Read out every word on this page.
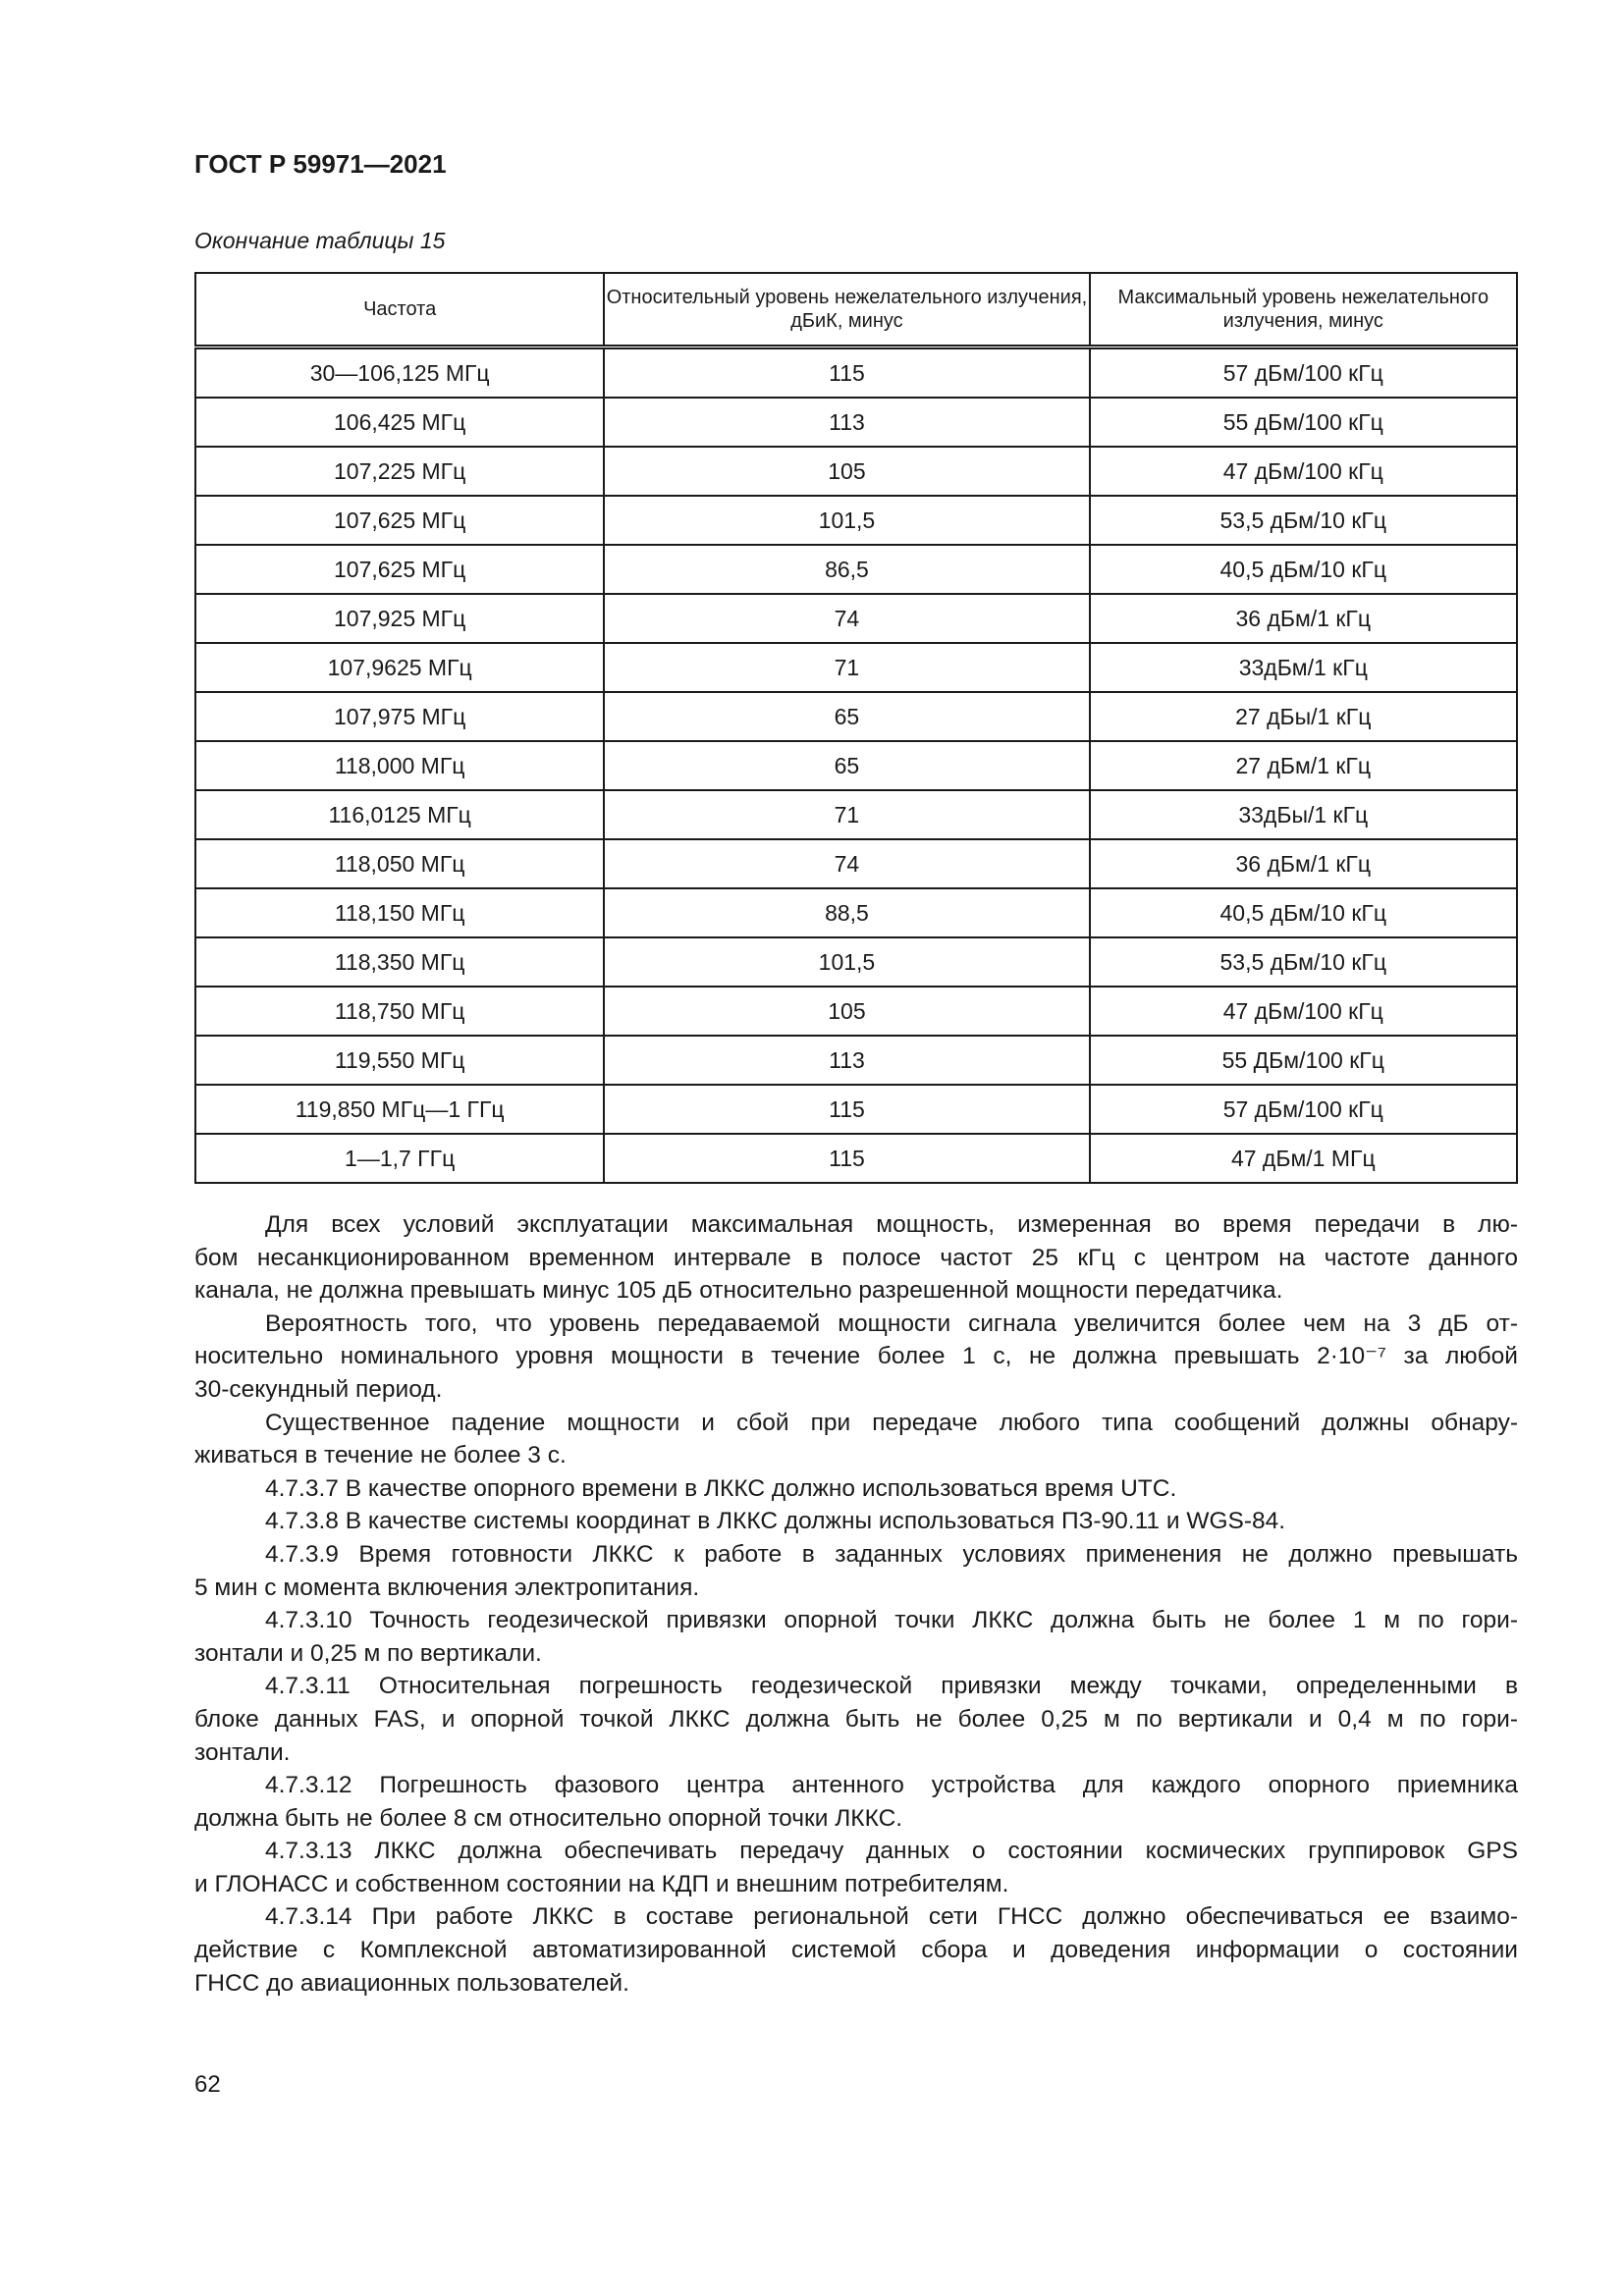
ГОСТ Р 59971—2021
Окончание таблицы 15
Частота	Относительный уровень нежелательного излучения, дБиК, минус	Максимальный уровень нежелательного излучения, минус
30—106,125 МГц	115	57 дБм/100 кГц
106,425 МГц	113	55 дБм/100 кГц
107,225 МГц	105	47 дБм/100 кГц
107,625 МГц	101,5	53,5 дБм/10 кГц
107,625 МГц	86,5	40,5 дБм/10 кГц
107,925 МГц	74	36 дБм/1 кГц
107,9625 МГц	71	33дБм/1 кГц
107,975 МГц	65	27 дБы/1 кГц
118,000 МГц	65	27 дБм/1 кГц
116,0125 МГц	71	33дБы/1 кГц
118,050 МГц	74	36 дБм/1 кГц
118,150 МГц	88,5	40,5 дБм/10 кГц
118,350 МГц	101,5	53,5 дБм/10 кГц
118,750 МГц	105	47 дБм/100 кГц
119,550 МГц	113	55 ДБм/100 кГц
119,850 МГц—1 ГГц	115	57 дБм/100 кГц
1—1,7 ГГц	115	47 дБм/1 МГц
Для всех условий эксплуатации максимальная мощность, измеренная во время передачи в лю-
бом несанкционированном временном интервале в полосе частот 25 кГц с центром на частоте данного
канала, не должна превышать минус 105 дБ относительно разрешенной мощности передатчика.
Вероятность того, что уровень передаваемой мощности сигнала увеличится более чем на 3 дБ от-
носительно номинального уровня мощности в течение более 1 с, не должна превышать 2·10⁻⁷ за любой
30-секундный период.
Существенное падение мощности и сбой при передаче любого типа сообщений должны обнару-
живаться в течение не более 3 с.
4.7.3.7 В качестве опорного времени в ЛККС должно использоваться время UTC.
4.7.3.8 В качестве системы координат в ЛККС должны использоваться ПЗ-90.11 и WGS-84.
4.7.3.9 Время готовности ЛККС к работе в заданных условиях применения не должно превышать
5 мин с момента включения электропитания.
4.7.3.10 Точность геодезической привязки опорной точки ЛККС должна быть не более 1 м по гори-
зонтали и 0,25 м по вертикали.
4.7.3.11 Относительная погрешность геодезической привязки между точками, определенными в
блоке данных FAS, и опорной точкой ЛККС должна быть не более 0,25 м по вертикали и 0,4 м по гори-
зонтали.
4.7.3.12 Погрешность фазового центра антенного устройства для каждого опорного приемника
должна быть не более 8 см относительно опорной точки ЛККС.
4.7.3.13 ЛККС должна обеспечивать передачу данных о состоянии космических группировок GPS
и ГЛОНАСС и собственном состоянии на КДП и внешним потребителям.
4.7.3.14 При работе ЛККС в составе региональной сети ГНСС должно обеспечиваться ее взаимо-
действие с Комплексной автоматизированной системой сбора и доведения информации о состоянии
ГНСС до авиационных пользователей.
62
